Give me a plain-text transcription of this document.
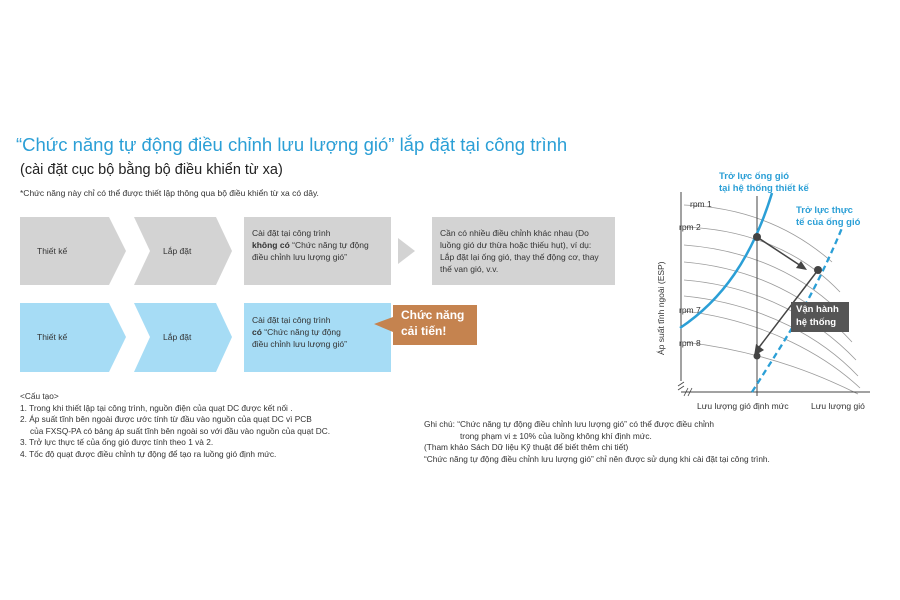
“Chức năng tự động điều chỉnh lưu lượng gió” lắp đặt tại công trình
(cài đặt cục bộ bằng bộ điều khiển từ xa)
*Chức năng này chỉ có thể được thiết lập thông qua bộ điều khiển từ xa có dây.
Thiết kế	Lắp đặt
Cài đặt tại công trình
không có “Chức năng tự động
điều chỉnh lưu lượng gió”
Cần có nhiều điều chỉnh khác nhau (Do
luồng gió dư thừa hoặc thiếu hụt), ví dụ:
Lắp đặt lại ống gió, thay thế động cơ, thay
thế van gió, v.v.
Thiết kế	Lắp đặt
Cài đặt tại công trình
có “Chức năng tự động
điều chỉnh lưu lượng gió”
Chức năng
cải tiến!
Trở lực ống gió
tại hệ thống thiết kế
Trở lực thực
tế của ống gió
rpm 1
rpm 2
rpm 7
rpm 8
Áp suất tĩnh ngoài (ESP)
Lưu lượng gió định mức	Lưu lượng gió
Vận hành
hệ thống
<Cấu tạo>
1. Trong khi thiết lập tại công trình, nguồn điện của quạt DC được kết nối .
2. Áp suất tĩnh bên ngoài được ước tính từ đầu vào nguồn của quạt DC vì PCB
của FXSQ-PA có bảng áp suất tĩnh bên ngoài so với đầu vào nguồn của quạt DC.
3. Trở lực thực tế của ống gió được tính theo 1 và 2.
4. Tốc độ quạt được điều chỉnh tự động để tạo ra luồng gió định mức.
Ghi chú: “Chức năng tự động điều chỉnh lưu lượng gió” có thể được điều chỉnh
trong phạm vi ± 10% của luồng không khí định mức.
(Tham khảo Sách Dữ liệu Kỹ thuật để biết thêm chi tiết)
“Chức năng tự động điều chỉnh lưu lượng gió” chỉ nên được sử dụng khi cài đặt tại công trình.
